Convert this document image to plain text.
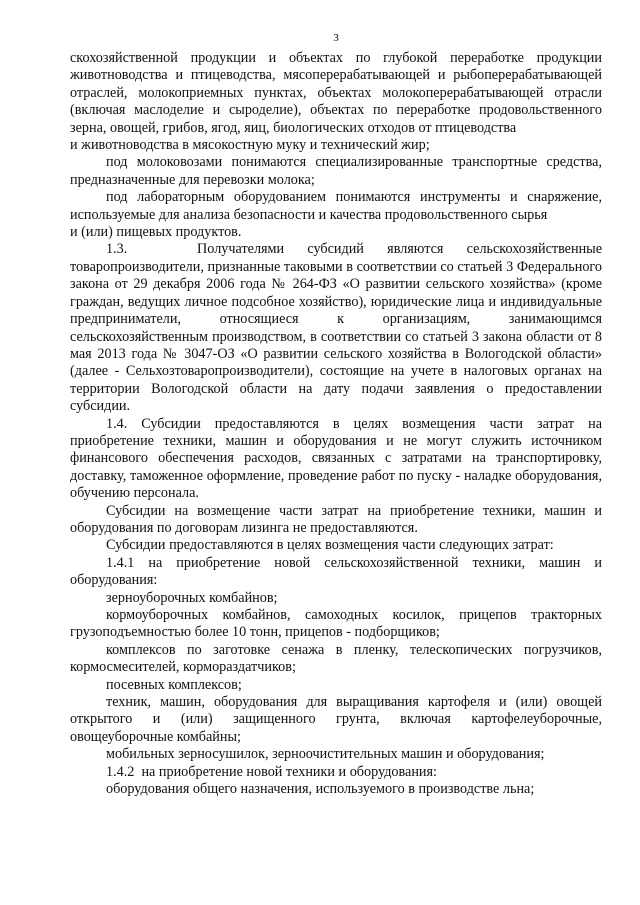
3

скохозяйственной продукции и объектах по глубокой переработке продукции животноводства и птицеводства, мясоперерабатывающей и рыбоперерабатывающей отраслей, молокоприемных пунктах, объектах молокоперерабатывающей отрасли (включая маслоделие и сыроделие), объектах по переработке продовольственного зерна, овощей, грибов, ягод, яиц, биологических отходов от птицеводства

и животноводства в мясокостную муку и технический жир;

под молоковозами понимаются специализированные транспортные средства, предназначенные для перевозки молока;

под лабораторным оборудованием понимаются инструменты и снаряжение, используемые для анализа безопасности и качества продовольственного сырья

и (или) пищевых продуктов.

1.3.   Получателями субсидий являются сельскохозяйственные товаропроизводители, признанные таковыми в соответствии со статьей 3 Федерального закона от 29 декабря 2006 года № 264-ФЗ «О развитии сельского хозяйства» (кроме граждан, ведущих личное подсобное хозяйство), юридические лица и индивидуальные предприниматели, относящиеся к организациям, занимающимся сельскохозяйственным производством, в соответствии со статьей 3 закона области от 8 мая 2013 года № 3047-ОЗ «О развитии сельского хозяйства в Вологодской области» (далее - Сельхозтоваропроизводители), состоящие на учете в налоговых органах на территории Вологодской области на дату подачи заявления о предоставлении субсидии.

1.4. Субсидии предоставляются в целях возмещения части затрат на приобретение техники, машин и оборудования и не могут служить источником финансового обеспечения расходов, связанных с затратами на транспортировку, доставку, таможенное оформление, проведение работ по пуску - наладке оборудования, обучению персонала.

Субсидии на возмещение части затрат на приобретение техники, машин и оборудования по договорам лизинга не предоставляются.

Субсидии предоставляются в целях возмещения части следующих затрат:

1.4.1 на приобретение новой сельскохозяйственной техники, машин и оборудования:

зерноуборочных комбайнов;

кормоуборочных комбайнов, самоходных косилок, прицепов тракторных грузоподъемностью более 10 тонн, прицепов - подборщиков;

комплексов по заготовке сенажа в пленку, телескопических погрузчиков, кормосмесителей, кормораздатчиков;

посевных комплексов;

техник, машин, оборудования для выращивания картофеля и (или) овощей открытого и (или) защищенного грунта, включая картофелеуборочные, овощеуборочные комбайны;

мобильных зерносушилок, зерноочистительных машин и оборудования;

1.4.2  на приобретение новой техники и оборудования:

оборудования общего назначения, используемого в производстве льна;
